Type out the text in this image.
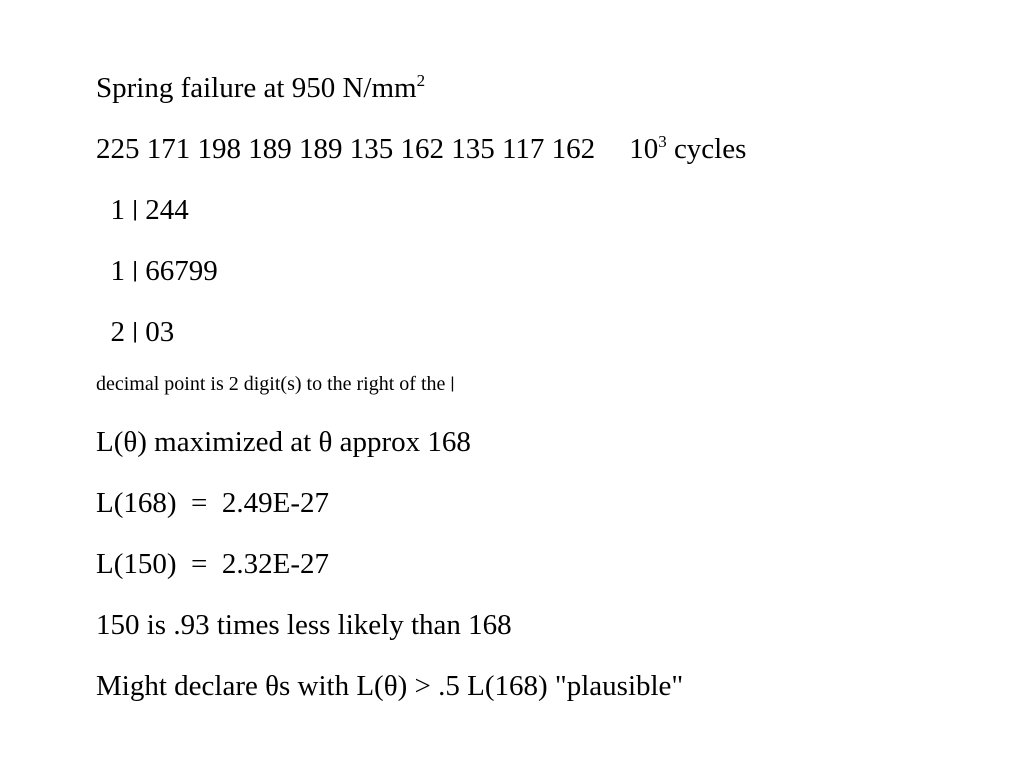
Spring failure at 950 $N/mm^2$
225 171 198 189 189 135 162 135 117 162 $10^3$ cycles
1 | 244
1 | 66799
2 | 03
decimal point is 2 digit(s) to the right of the |
L(θ) maximized at θ approx 168
L(168)  =  2.49E-27
L(150)  =  2.32E-27
150 is .93 times less likely than 168
Might declare θs with L(θ) > .5 L(168) "plausible"
